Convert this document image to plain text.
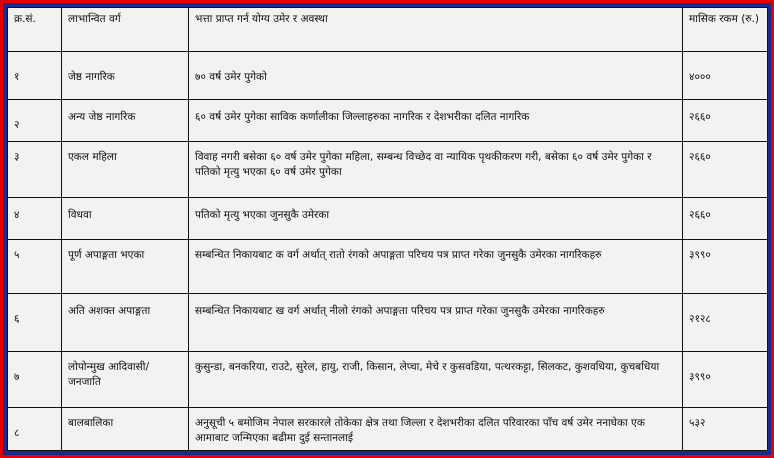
क्र.सं.	लाभान्वित वर्ग	भत्ता प्राप्त गर्न योग्य उमेर र अवस्था	मासिक रकम (रु.)
१	जेष्ठ नागरिक	७० वर्ष उमेर पुगेको	४०००
२	अन्य जेष्ठ नागरिक	६० वर्ष उमेर पुगेका साविक कर्णालीका जिल्लाहरुका नागरिक र देशभरीका दलित नागरिक	२६६०
३	एकल महिला	विवाह नगरी बसेका ६० वर्ष उमेर पुगेका महिला, सम्बन्ध विच्छेद वा न्यायिक पृथकीकरण गरी, बसेका ६० वर्ष उमेर पुगेका र पतिको मृत्यु भएका ६० वर्ष उमेर पुगेका	२६६०
४	विधवा	पतिको मृत्यु भएका जुनसुकै उमेरका	२६६०
५	पूर्ण अपाङ्गता भएका	सम्बन्धित निकायबाट क वर्ग अर्थात् रातो रंगको अपाङ्गता परिचय पत्र प्राप्त गरेका जुनसुकै उमेरका नागरिकहरु	३९९०
६	अति अशक्त अपाङ्गता	सम्बन्धित निकायबाट ख वर्ग अर्थात् नीलो रंगको अपाङ्गता परिचय पत्र प्राप्त गरेका जुनसुकै उमेरका नागरिकहरु	२१२८
७	लोपोन्मुख आदिवासी/ जनजाति	कुसुन्डा, बनकरिया, राउटे, सुरेल, हायु, राजी, किसान, लेप्चा, मेचे र कुसवडिया, पत्थरकट्टा, सिलकट, कुशवधिया, कुचबधिया	३९९०
८	बालबालिका	अनुसूची ५ बमोजिम नेपाल सरकारले तोकेका क्षेत्र तथा जिल्ला र देशभरीका दलित परिवारका पाँच वर्ष उमेर ननाघेका एक आमाबाट जन्मिएका बढीमा दुई सन्तानलाई	५३२
